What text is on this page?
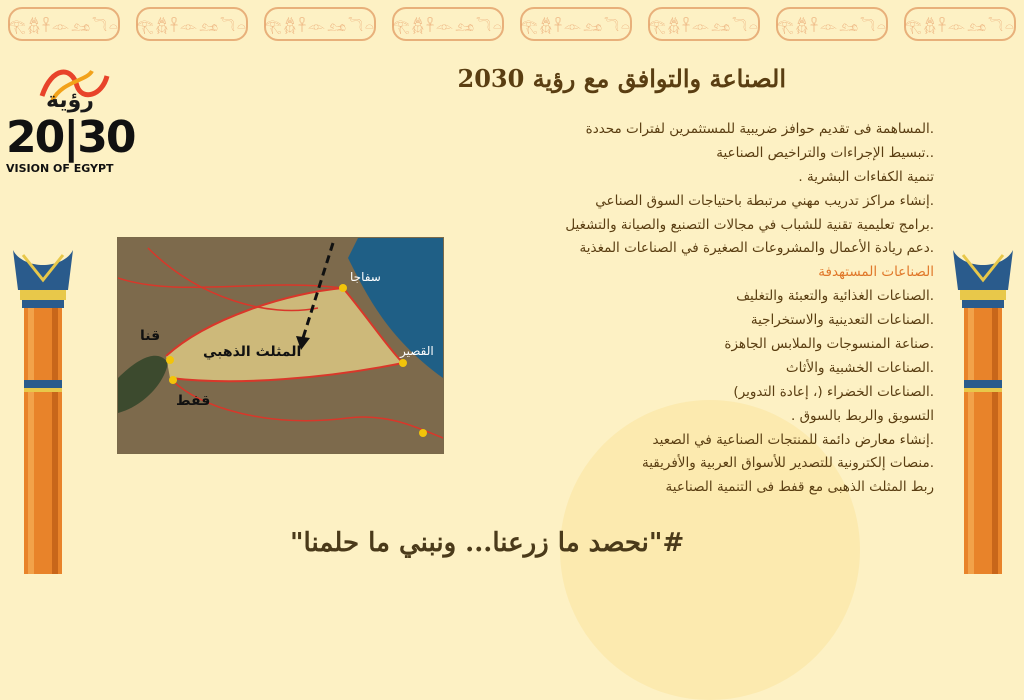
𓂀𓆣𓋹𓁹𓃭𓆓𓏏 𓂀𓆣𓋹𓁹𓃭𓆓𓏏 𓂀𓆣𓋹𓁹𓃭𓆓𓏏 𓂀𓆣𓋹𓁹𓃭𓆓𓏏 𓂀𓆣𓋹𓁹𓃭𓆓𓏏 𓂀𓆣𓋹𓁹𓃭𓆓𓏏 𓂀𓆣𓋹𓁹𓃭𓆓𓏏 𓂀𓆣𓋹𓁹𓃭𓆓𓏏
رؤية
20|30
VISION OF EGYPT
الصناعة والتوافق مع رؤية 2030
.المساهمة فى تقديم حوافز ضريبية للمستثمرين لفترات محددة
..تبسيط الإجراءات والتراخيص الصناعية
تنمية الكفاءات البشرية .
.إنشاء مراكز تدريب مهني مرتبطة باحتياجات السوق الصناعي
.برامج تعليمية تقنية للشباب في مجالات التصنيع والصيانة والتشغيل
.دعم ريادة الأعمال والمشروعات الصغيرة في الصناعات المغذية
الصناعات المستهدفة
.الصناعات الغذائية والتعبئة والتغليف
.الصناعات التعدينية والاستخراجية
.صناعة المنسوجات والملابس الجاهزة
.الصناعات الخشبية والأثاث
.الصناعات الخضراء (، إعادة التدوير)
التسويق والربط بالسوق .
.إنشاء معارض دائمة للمنتجات الصناعية في الصعيد
.منصات إلكترونية للتصدير للأسواق العربية والأفريقية
ربط المثلث الذهبى مع قفط فى التنمية الصناعية
المثلث الذهبي
قنا
قفط
سفاجا
القصير
#"نحصد ما زرعنا... ونبني ما حلمنا"
